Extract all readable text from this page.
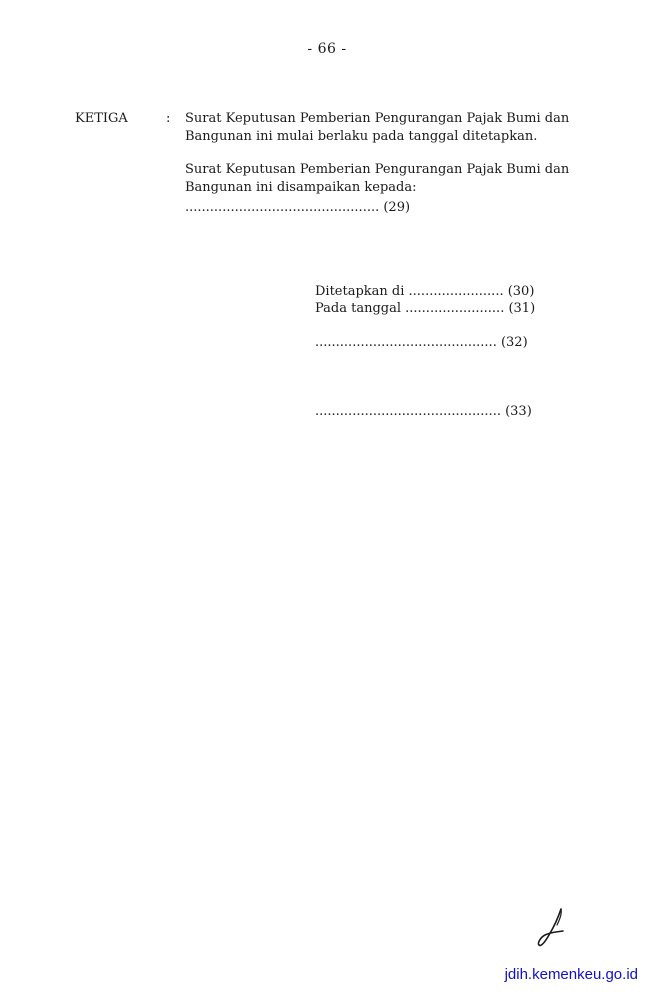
- 66 -
KETIGA	: Surat Keputusan Pemberian Pengurangan Pajak Bumi dan
Bangunan ini mulai berlaku pada tanggal ditetapkan.
Surat Keputusan Pemberian Pengurangan Pajak Bumi dan
Bangunan ini disampaikan kepada:
............................................... (29)
Ditetapkan di ....................... (30)
Pada tanggal ........................ (31)
............................................ (32)
............................................. (33)
jdih.kemenkeu.go.id
